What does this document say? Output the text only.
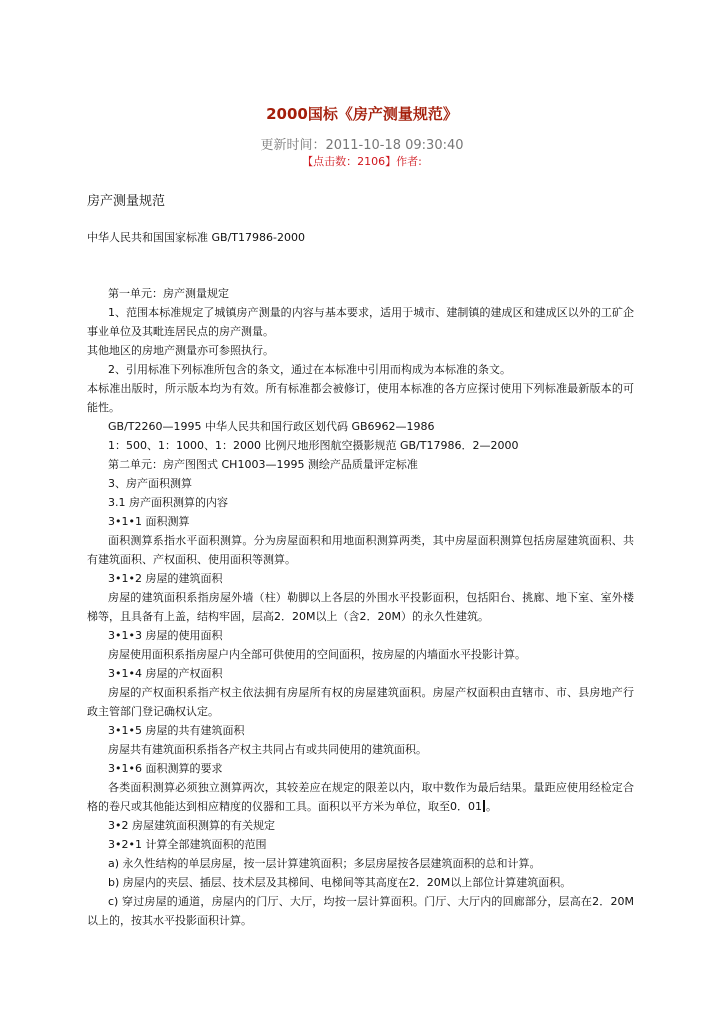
2000国标《房产测量规范》
更新时间：2011-10-18 09:30:40
【点击数：2106】作者:
房产测量规范
中华人民共和国国家标准 GB/T17986-2000

第一单元：房产测量规定

1、范围本标准规定了城镇房产测量的内容与基本要求，适用于城市、建制镇的建成区和建成区以外的工矿企事业单位及其毗连居民点的房产测量。

其他地区的房地产测量亦可参照执行。

2、引用标准下列标准所包含的条文，通过在本标准中引用而构成为本标准的条文。

本标准出版时，所示版本均为有效。所有标准都会被修订，使用本标准的各方应探讨使用下列标准最新版本的可能性。

GB/T2260—1995 中华人民共和国行政区划代码 GB6962—1986

1：500、1：1000、1：2000 比例尺地形图航空摄影规范 GB/T17986．2—2000

第二单元：房产图图式 CH1003—1995 测绘产品质量评定标准

3、房产面积测算

3.1 房产面积测算的内容

3•1•1 面积测算

面积测算系指水平面积测算。分为房屋面积和用地面积测算两类，其中房屋面积测算包括房屋建筑面积、共有建筑面积、产权面积、使用面积等测算。

3•1•2 房屋的建筑面积

房屋的建筑面积系指房屋外墙（柱）勒脚以上各层的外围水平投影面积，包括阳台、挑廊、地下室、室外楼梯等，且具备有上盖，结构牢固，层高2．20M以上（含2．20M）的永久性建筑。

3•1•3 房屋的使用面积

房屋使用面积系指房屋户内全部可供使用的空间面积，按房屋的内墙面水平投影计算。

3•1•4 房屋的产权面积

房屋的产权面积系指产权主依法拥有房屋所有权的房屋建筑面积。房屋产权面积由直辖市、市、县房地产行政主管部门登记确权认定。

3•1•5 房屋的共有建筑面积

房屋共有建筑面积系指各产权主共同占有或共同使用的建筑面积。

3•1•6 面积测算的要求

各类面积测算必须独立测算两次，其较差应在规定的限差以内，取中数作为最后结果。量距应使用经检定合格的卷尺或其他能达到相应精度的仪器和工具。面积以平方米为单位，取至0．01 。

3•2 房屋建筑面积测算的有关规定

3•2•1 计算全部建筑面积的范围

a) 永久性结构的单层房屋，按一层计算建筑面积；多层房屋按各层建筑面积的总和计算。

b) 房屋内的夹层、插层、技术层及其梯间、电梯间等其高度在2．20M以上部位计算建筑面积。

c) 穿过房屋的通道，房屋内的门厅、大厅，均按一层计算面积。门厅、大厅内的回廊部分，层高在2．20M以上的，按其水平投影面积计算。
